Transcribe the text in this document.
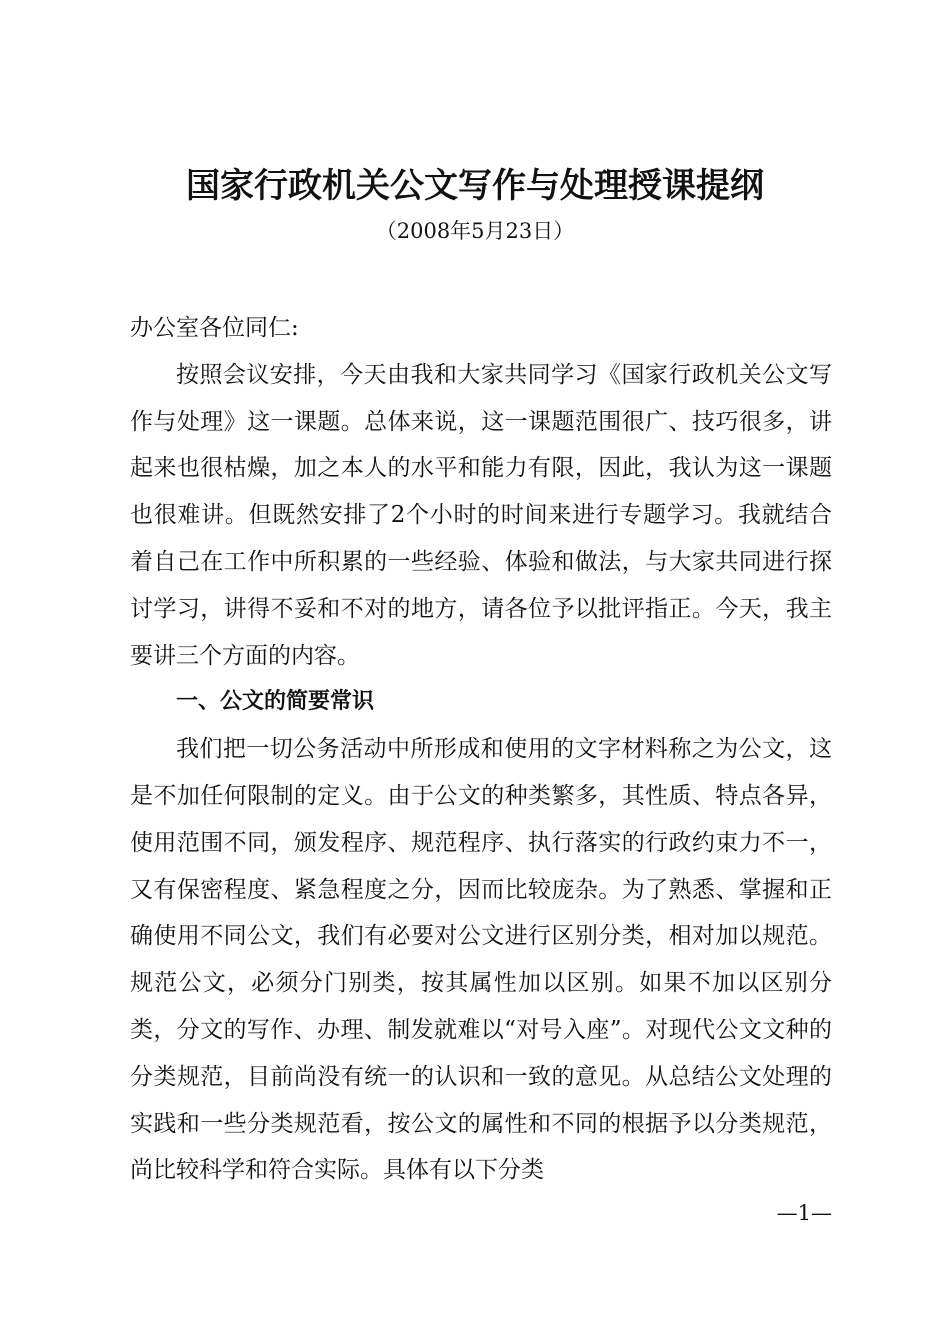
国家行政机关公文写作与处理授课提纲
（2008年5月23日）

办公室各位同仁:

按照会议安排，今天由我和大家共同学习《国家行政机关公文写作与处理》这一课题。总体来说，这一课题范围很广、技巧很多，讲起来也很枯燥，加之本人的水平和能力有限，因此，我认为这一课题也很难讲。但既然安排了2个小时的时间来进行专题学习。我就结合着自己在工作中所积累的一些经验、体验和做法，与大家共同进行探讨学习，讲得不妥和不对的地方，请各位予以批评指正。今天，我主要讲三个方面的内容。

一、公文的简要常识

我们把一切公务活动中所形成和使用的文字材料称之为公文，这是不加任何限制的定义。由于公文的种类繁多，其性质、特点各异，使用范围不同，颁发程序、规范程序、执行落实的行政约束力不一，又有保密程度、紧急程度之分，因而比较庞杂。为了熟悉、掌握和正确使用不同公文，我们有必要对公文进行区别分类，相对加以规范。规范公文，必须分门别类，按其属性加以区别。如果不加以区别分类，分文的写作、办理、制发就难以“对号入座”。对现代公文文种的分类规范，目前尚没有统一的认识和一致的意见。从总结公文处理的实践和一些分类规范看，按公文的属性和不同的根据予以分类规范，尚比较科学和符合实际。具体有以下分类

—1—
